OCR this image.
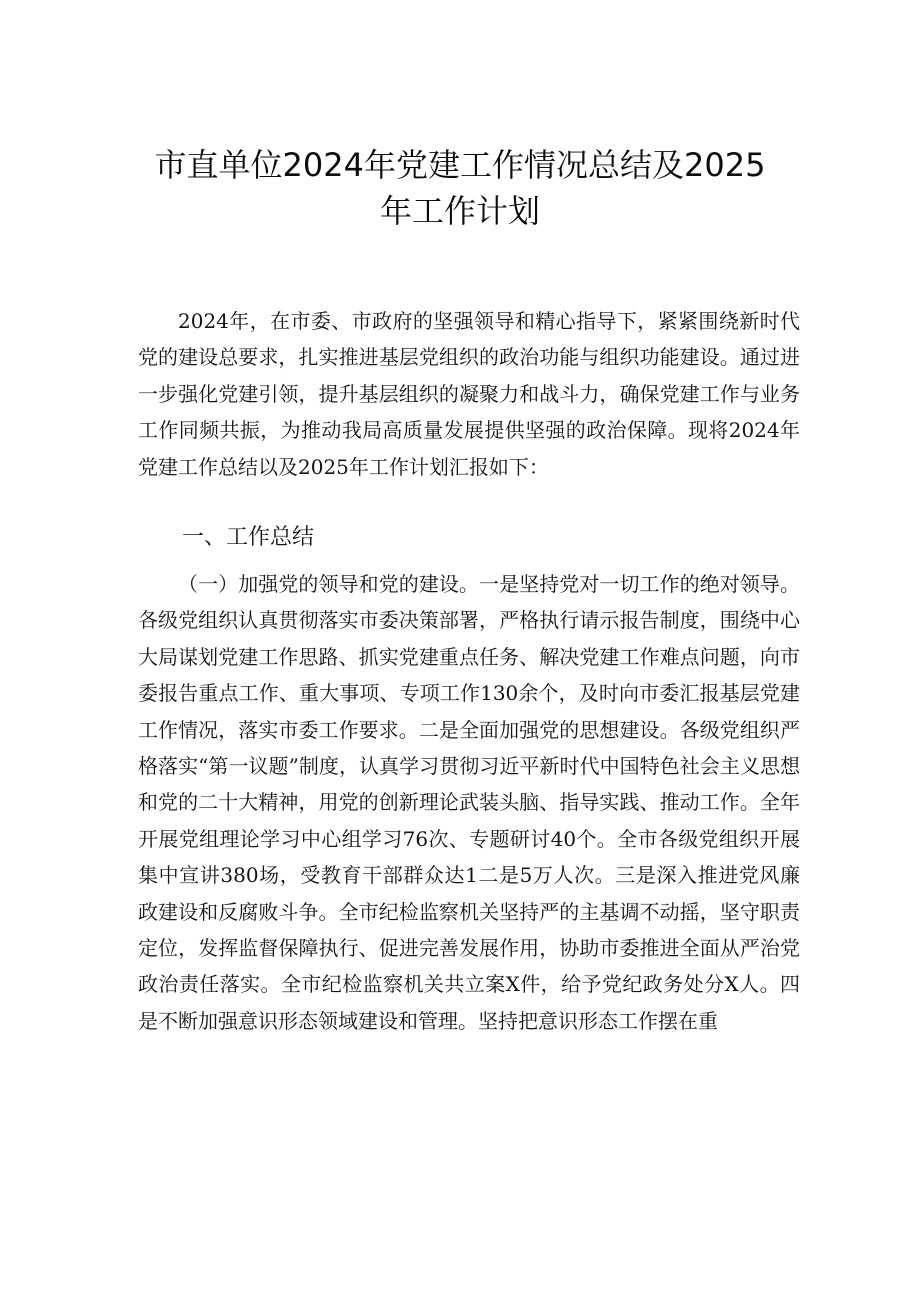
市直单位2024年党建工作情况总结及2025
年工作计划

2024年，在市委、市政府的坚强领导和精心指导下，紧紧围绕新时代党的建设总要求，扎实推进基层党组织的政治功能与组织功能建设。通过进一步强化党建引领，提升基层组织的凝聚力和战斗力，确保党建工作与业务工作同频共振，为推动我局高质量发展提供坚强的政治保障。现将2024年党建工作总结以及2025年工作计划汇报如下：

一、工作总结

（一）加强党的领导和党的建设。一是坚持党对一切工作的绝对领导。各级党组织认真贯彻落实市委决策部署，严格执行请示报告制度，围绕中心大局谋划党建工作思路、抓实党建重点任务、解决党建工作难点问题，向市委报告重点工作、重大事项、专项工作130余个，及时向市委汇报基层党建工作情况，落实市委工作要求。二是全面加强党的思想建设。各级党组织严格落实“第一议题”制度，认真学习贯彻习近平新时代中国特色社会主义思想和党的二十大精神，用党的创新理论武装头脑、指导实践、推动工作。全年开展党组理论学习中心组学习76次、专题研讨40个。全市各级党组织开展集中宣讲380场，受教育干部群众达1二是5万人次。三是深入推进党风廉政建设和反腐败斗争。全市纪检监察机关坚持严的主基调不动摇，坚守职责定位，发挥监督保障执行、促进完善发展作用，协助市委推进全面从严治党政治责任落实。全市纪检监察机关共立案X件，给予党纪政务处分X人。四是不断加强意识形态领域建设和管理。坚持把意识形态工作摆在重
